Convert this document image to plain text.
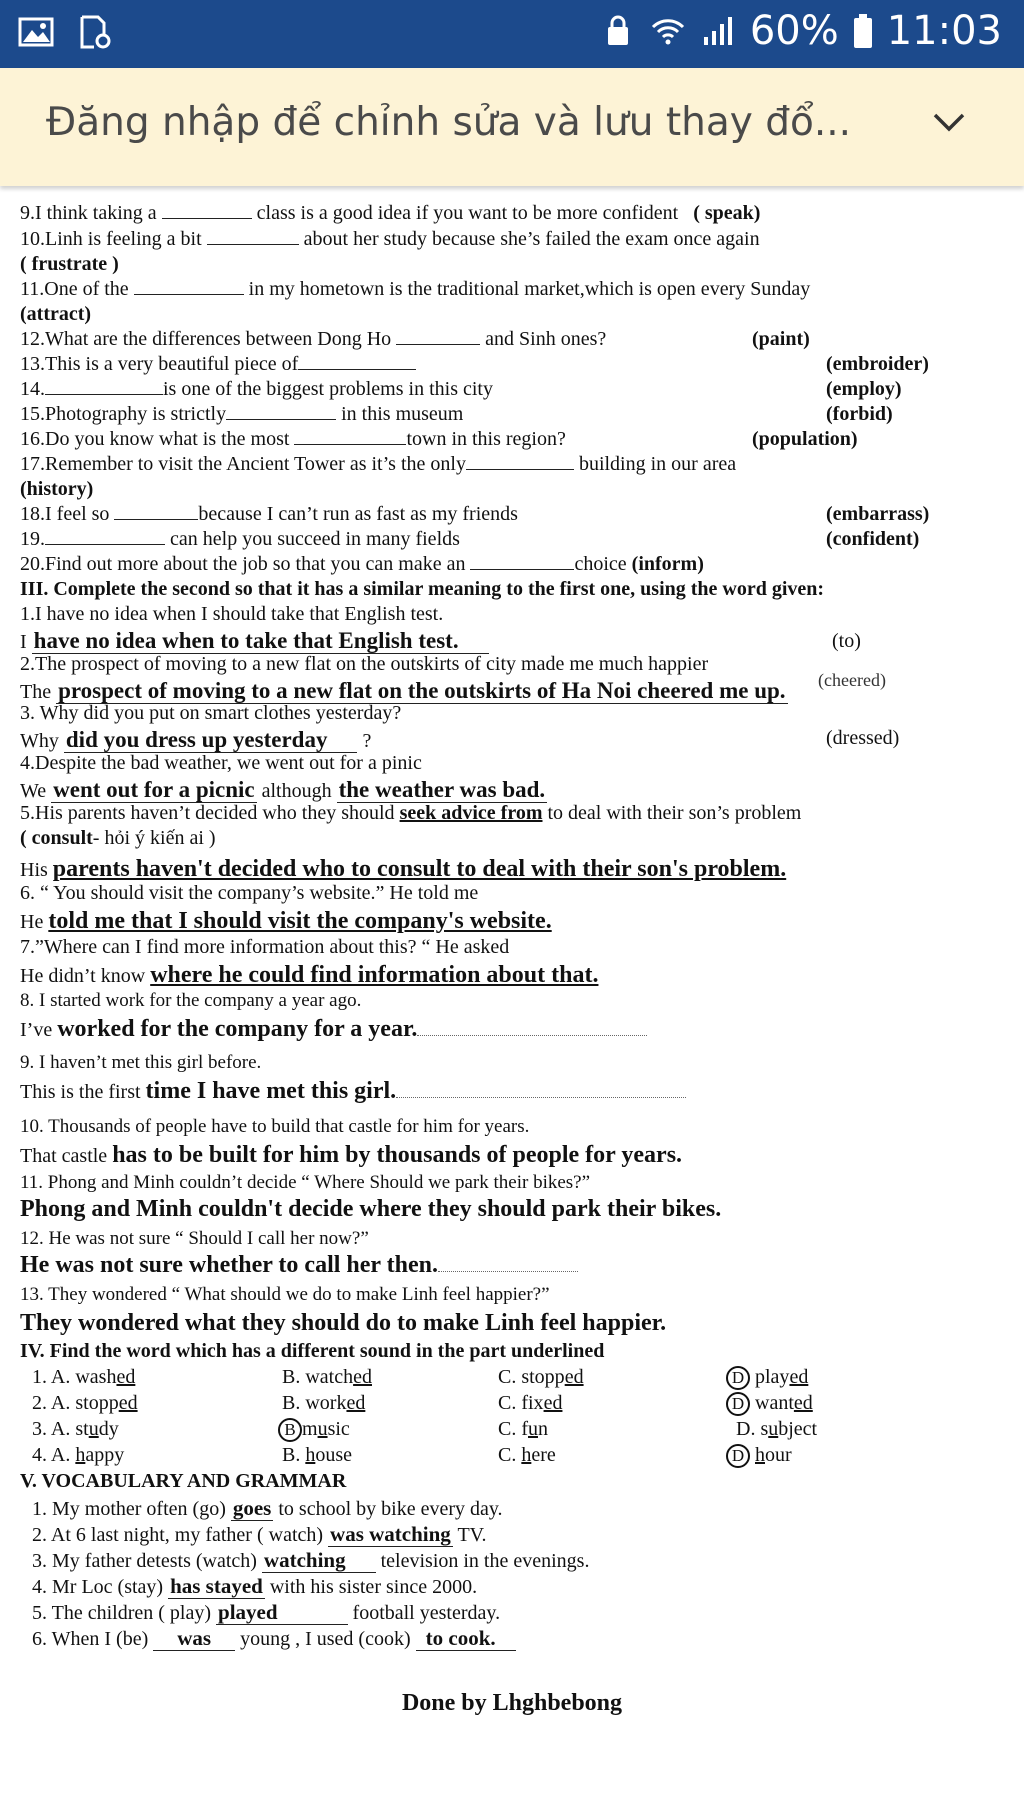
60% 11:03
Đăng nhập để chỉnh sửa và lưu thay đổ...
9.I think taking a	class is a good idea if you want to be more confident ( speak)
10.Linh is feeling a bit	about her study because she’s failed the exam once again
( frustrate )
11.One of the	in my hometown is the traditional market,which is open every Sunday
(attract)
12.What are the differences between Dong Ho	and Sinh ones?	(paint)
13.This is a very beautiful piece of	(embroider)
14.	is one of the biggest problems in this city	(employ)
15.Photography is strictly	in this museum	(forbid)
16.Do you know what is the most	town in this region?	(population)
17.Remember to visit the Ancient Tower as it’s the only	building in our area
(history)
18.I feel so	because I can’t run as fast as my friends	(embarrass)
19.	can help you succeed in many fields	(confident)
20.Find out more about the job so that you can make an	choice (inform)
III. Complete the second so that it has a similar meaning to the first one, using the word given:
1.I have no idea when I should take that English test.
I have no idea when to take that English test.	(to)
2.The prospect of moving to a new flat on the outskirts of city made me much happier
(cheered)
The prospect of moving to a new flat on the outskirts of Ha Noi cheered me up.
3. Why did you put on smart clothes yesterday?
Why did you dress up yesterday ?	(dressed)
4.Despite the bad weather, we went out for a pinic
We went out for a picnic although the weather was bad.
5.His parents haven’t decided who they should seek advice from to deal with their son’s problem
( consult- hỏi ý kiến ai )
His parents haven't decided who to consult to deal with their son's problem.
6. “ You should visit the company’s website.” He told me
He told me that I should visit the company's website.
7.”Where can I find more information about this? “ He asked
He didn’t know where he could find information about that.
8. I started work for the company a year ago.
I’ve worked for the company for a year.
9. I haven’t met this girl before.
This is the first time I have met this girl.
10. Thousands of people have to build that castle for him for years.
That castle has to be built for him by thousands of people for years.
11. Phong and Minh couldn’t decide “ Where Should we park their bikes?”
Phong and Minh couldn't decide where they should park their bikes.
12. He was not sure “ Should I call her now?”
He was not sure whether to call her then.
13. They wondered “ What should we do to make Linh feel happier?”
They wondered what they should do to make Linh feel happier.
IV. Find the word which has a different sound in the part underlined
1. A. washed	B. watched	C. stopped	D played
2. A. stopped	B. worked	C. fixed	D wanted
3. A. study	B music	C. fun	D. subject
4. A. happy	B. house	C. here	D hour
V. VOCABULARY AND GRAMMAR
1. My mother often (go) goes to school by bike every day.
2. At 6 last night, my father ( watch) was watching TV.
3. My father detests (watch) watching television in the evenings.
4. Mr Loc (stay) has stayed with his sister since 2000.
5. The children ( play) played	football yesterday.
6. When I (be) was young , I used (cook) to cook.
Done by Lhghbebong
